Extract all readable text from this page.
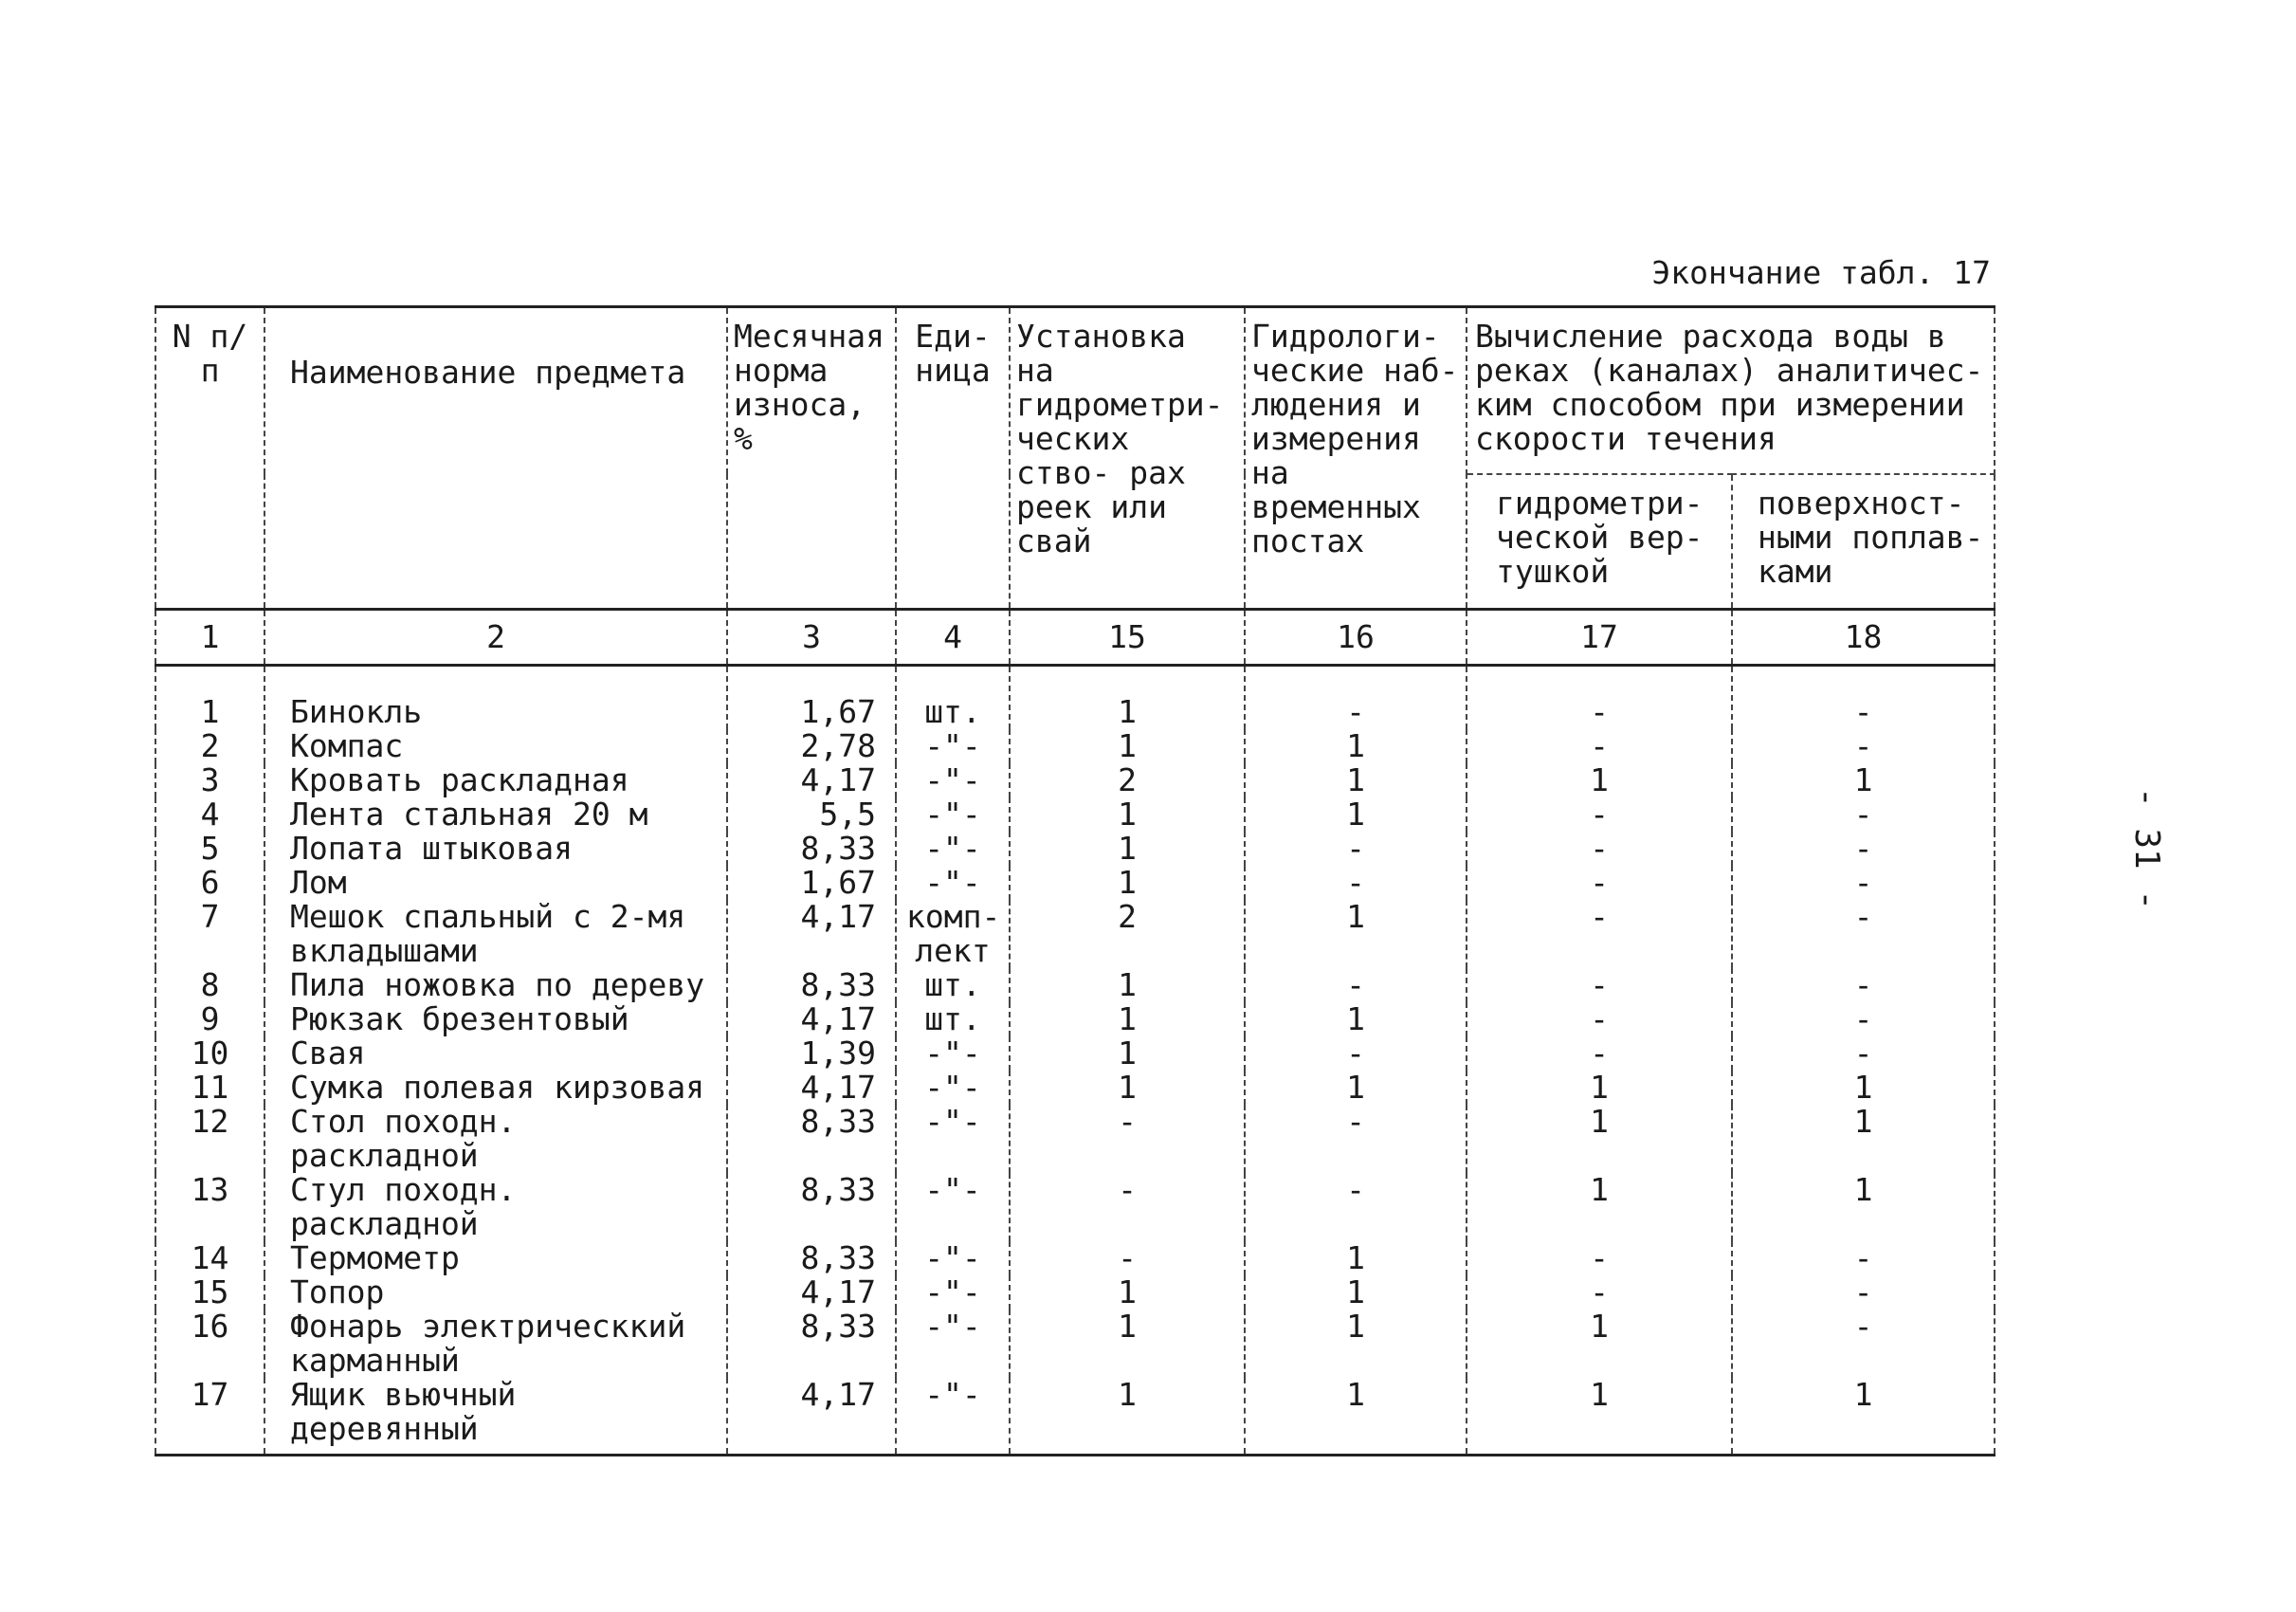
Экончание табл. 17
- 31 -
N п/п	Наименование предмета	Месячная норма износа, %	Еди- ница	Установка на гидрометри- ческих ство- рах реек или свай	Гидрологи- ческие наб- людения и измерения на временных постах	Вычисление расхода воды в реках (каналах) аналитичес- ким способом при измерении скорости течения	
						гидрометри- ческой вер- тушкой	поверхност- ными поплав- ками
1	2	3	4	15	16	17	18
1	Бинокль	1,67	шт.	1	-	-	-
2	Компас	2,78	-"-	1	1	-	-
3	Кровать раскладная	4,17	-"-	2	1	1	1
4	Лента стальная 20 м	5,5	-"-	1	1	-	-
5	Лопата штыковая	8,33	-"-	1	-	-	-
6	Лом	1,67	-"-	1	-	-	-
7	Мешок спальный с 2-мя вкладышами	4,17	комп- лект	2	1	-	-
8	Пила ножовка по дереву	8,33	шт.	1	-	-	-
9	Рюкзак брезентовый	4,17	шт.	1	1	-	-
10	Свая	1,39	-"-	1	-	-	-
11	Сумка полевая кирзовая	4,17	-"-	1	1	1	1
12	Стол походн. раскладной	8,33	-"-	-	-	1	1
13	Стул походн. раскладной	8,33	-"-	-	-	1	1
14	Термометр	8,33	-"-	-	1	-	-
15	Топор	4,17	-"-	1	1	-	-
16	Фонарь электрическкий карманный	8,33	-"-	1	1	1	-
17	Ящик вьючный деревянный	4,17	-"-	1	1	1	1
